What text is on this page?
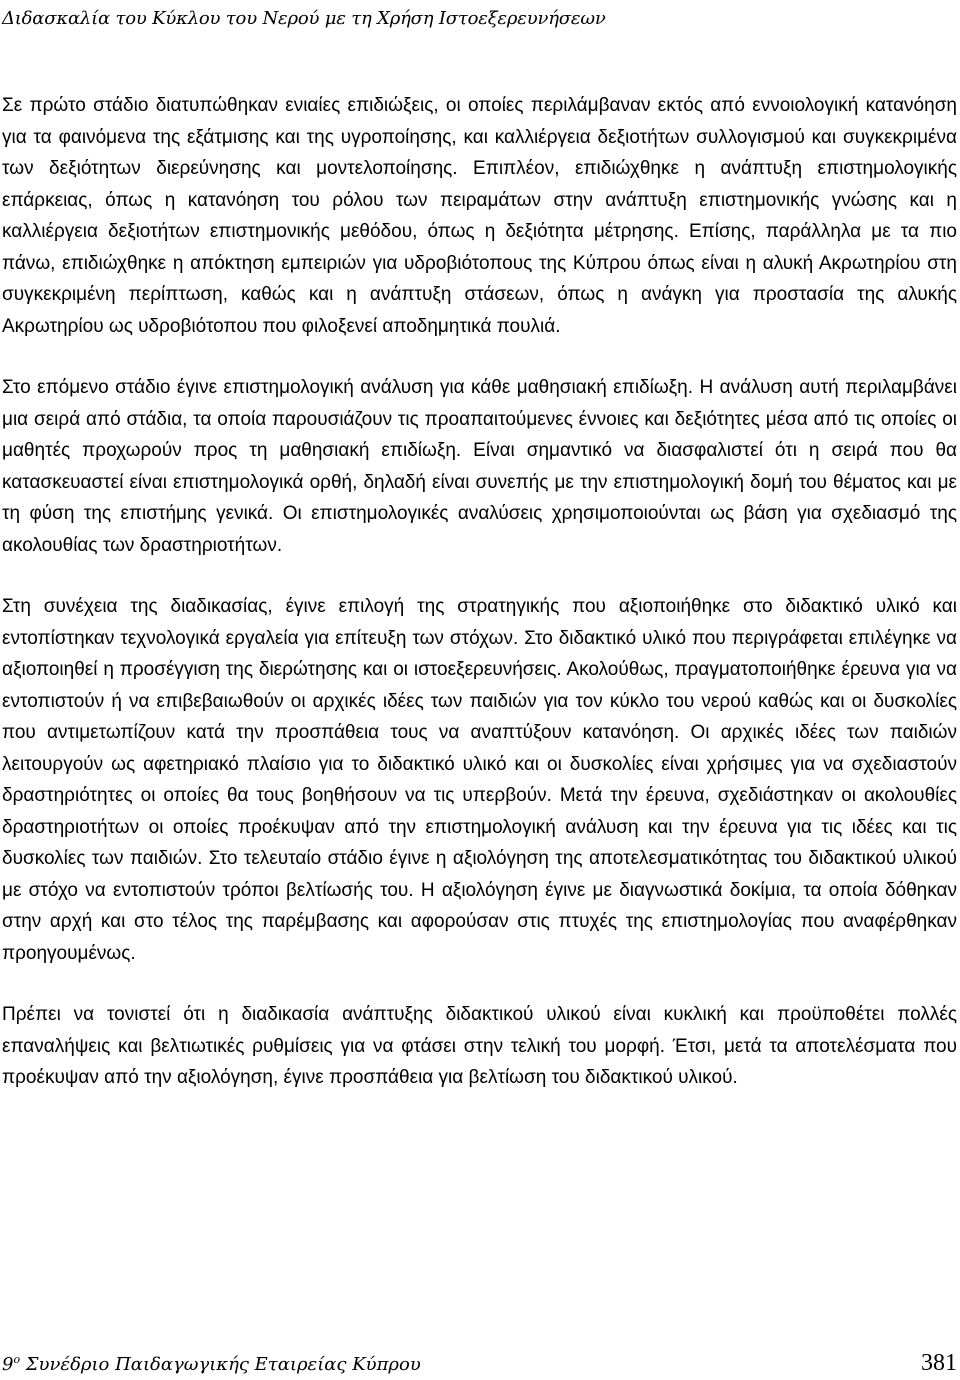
Διδασκαλία του Κύκλου του Νερού με τη Χρήση Ιστοεξερευνήσεων

Σε πρώτο στάδιο διατυπώθηκαν ενιαίες επιδιώξεις, οι οποίες περιλάμβαναν εκτός από εννοιολογική κατανόηση για τα φαινόμενα της εξάτμισης και της υγροποίησης, και καλλιέργεια δεξιοτήτων συλλογισμού και συγκεκριμένα των δεξιότητων διερεύνησης και μοντελοποίησης. Επιπλέον, επιδιώχθηκε η ανάπτυξη επιστημολογικής επάρκειας, όπως η κατανόηση του ρόλου των πειραμάτων στην ανάπτυξη επιστημονικής γνώσης και η καλλιέργεια δεξιοτήτων επιστημονικής μεθόδου, όπως η δεξιότητα μέτρησης. Επίσης, παράλληλα με τα πιο πάνω, επιδιώχθηκε η απόκτηση εμπειριών για υδροβιότοπους της Κύπρου όπως είναι η αλυκή Ακρωτηρίου στη συγκεκριμένη περίπτωση, καθώς και η ανάπτυξη στάσεων, όπως η ανάγκη για προστασία της αλυκής Ακρωτηρίου ως υδροβιότοπου που φιλοξενεί αποδημητικά πουλιά.

Στο επόμενο στάδιο έγινε επιστημολογική ανάλυση για κάθε μαθησιακή επιδίωξη. Η ανάλυση αυτή περιλαμβάνει μια σειρά από στάδια, τα οποία παρουσιάζουν τις προαπαιτούμενες έννοιες και δεξιότητες μέσα από τις οποίες οι μαθητές προχωρούν προς τη μαθησιακή επιδίωξη. Είναι σημαντικό να διασφαλιστεί ότι η σειρά που θα κατασκευαστεί είναι επιστημολογικά ορθή, δηλαδή είναι συνεπής με την επιστημολογική δομή του θέματος και με τη φύση της επιστήμης γενικά. Οι επιστημολογικές αναλύσεις χρησιμοποιούνται ως βάση για σχεδιασμό της ακολουθίας των δραστηριοτήτων.

Στη συνέχεια της διαδικασίας, έγινε επιλογή της στρατηγικής που αξιοποιήθηκε στο διδακτικό υλικό και εντοπίστηκαν τεχνολογικά εργαλεία για επίτευξη των στόχων. Στο διδακτικό υλικό που περιγράφεται επιλέγηκε να αξιοποιηθεί η προσέγγιση της διερώτησης και οι ιστοεξερευνήσεις. Ακολούθως, πραγματοποιήθηκε έρευνα για να εντοπιστούν ή να επιβεβαιωθούν οι αρχικές ιδέες των παιδιών για τον κύκλο του νερού καθώς και οι δυσκολίες που αντιμετωπίζουν κατά την προσπάθεια τους να αναπτύξουν κατανόηση. Οι αρχικές ιδέες των παιδιών λειτουργούν ως αφετηριακό πλαίσιο για το διδακτικό υλικό και οι δυσκολίες είναι χρήσιμες για να σχεδιαστούν δραστηριότητες οι οποίες θα τους βοηθήσουν να τις υπερβούν. Μετά την έρευνα, σχεδιάστηκαν οι ακολουθίες δραστηριοτήτων οι οποίες προέκυψαν από την επιστημολογική ανάλυση και την έρευνα για τις ιδέες και τις δυσκολίες των παιδιών. Στο τελευταίο στάδιο έγινε η αξιολόγηση της αποτελεσματικότητας του διδακτικού υλικού με στόχο να εντοπιστούν τρόποι βελτίωσής του. Η αξιολόγηση έγινε με διαγνωστικά δοκίμια, τα οποία δόθηκαν στην αρχή και στο τέλος της παρέμβασης και αφορούσαν στις πτυχές της επιστημολογίας που αναφέρθηκαν προηγουμένως.

Πρέπει να τονιστεί ότι η διαδικασία ανάπτυξης διδακτικού υλικού είναι κυκλική και προϋποθέτει πολλές επαναλήψεις και βελτιωτικές ρυθμίσεις για να φτάσει στην τελική του μορφή. Έτσι, μετά τα αποτελέσματα που προέκυψαν από την αξιολόγηση, έγινε προσπάθεια για βελτίωση του διδακτικού υλικού.

$9^o$ Συνέδριο Παιδαγωγικής Εταιρείας Κύπρου	381
